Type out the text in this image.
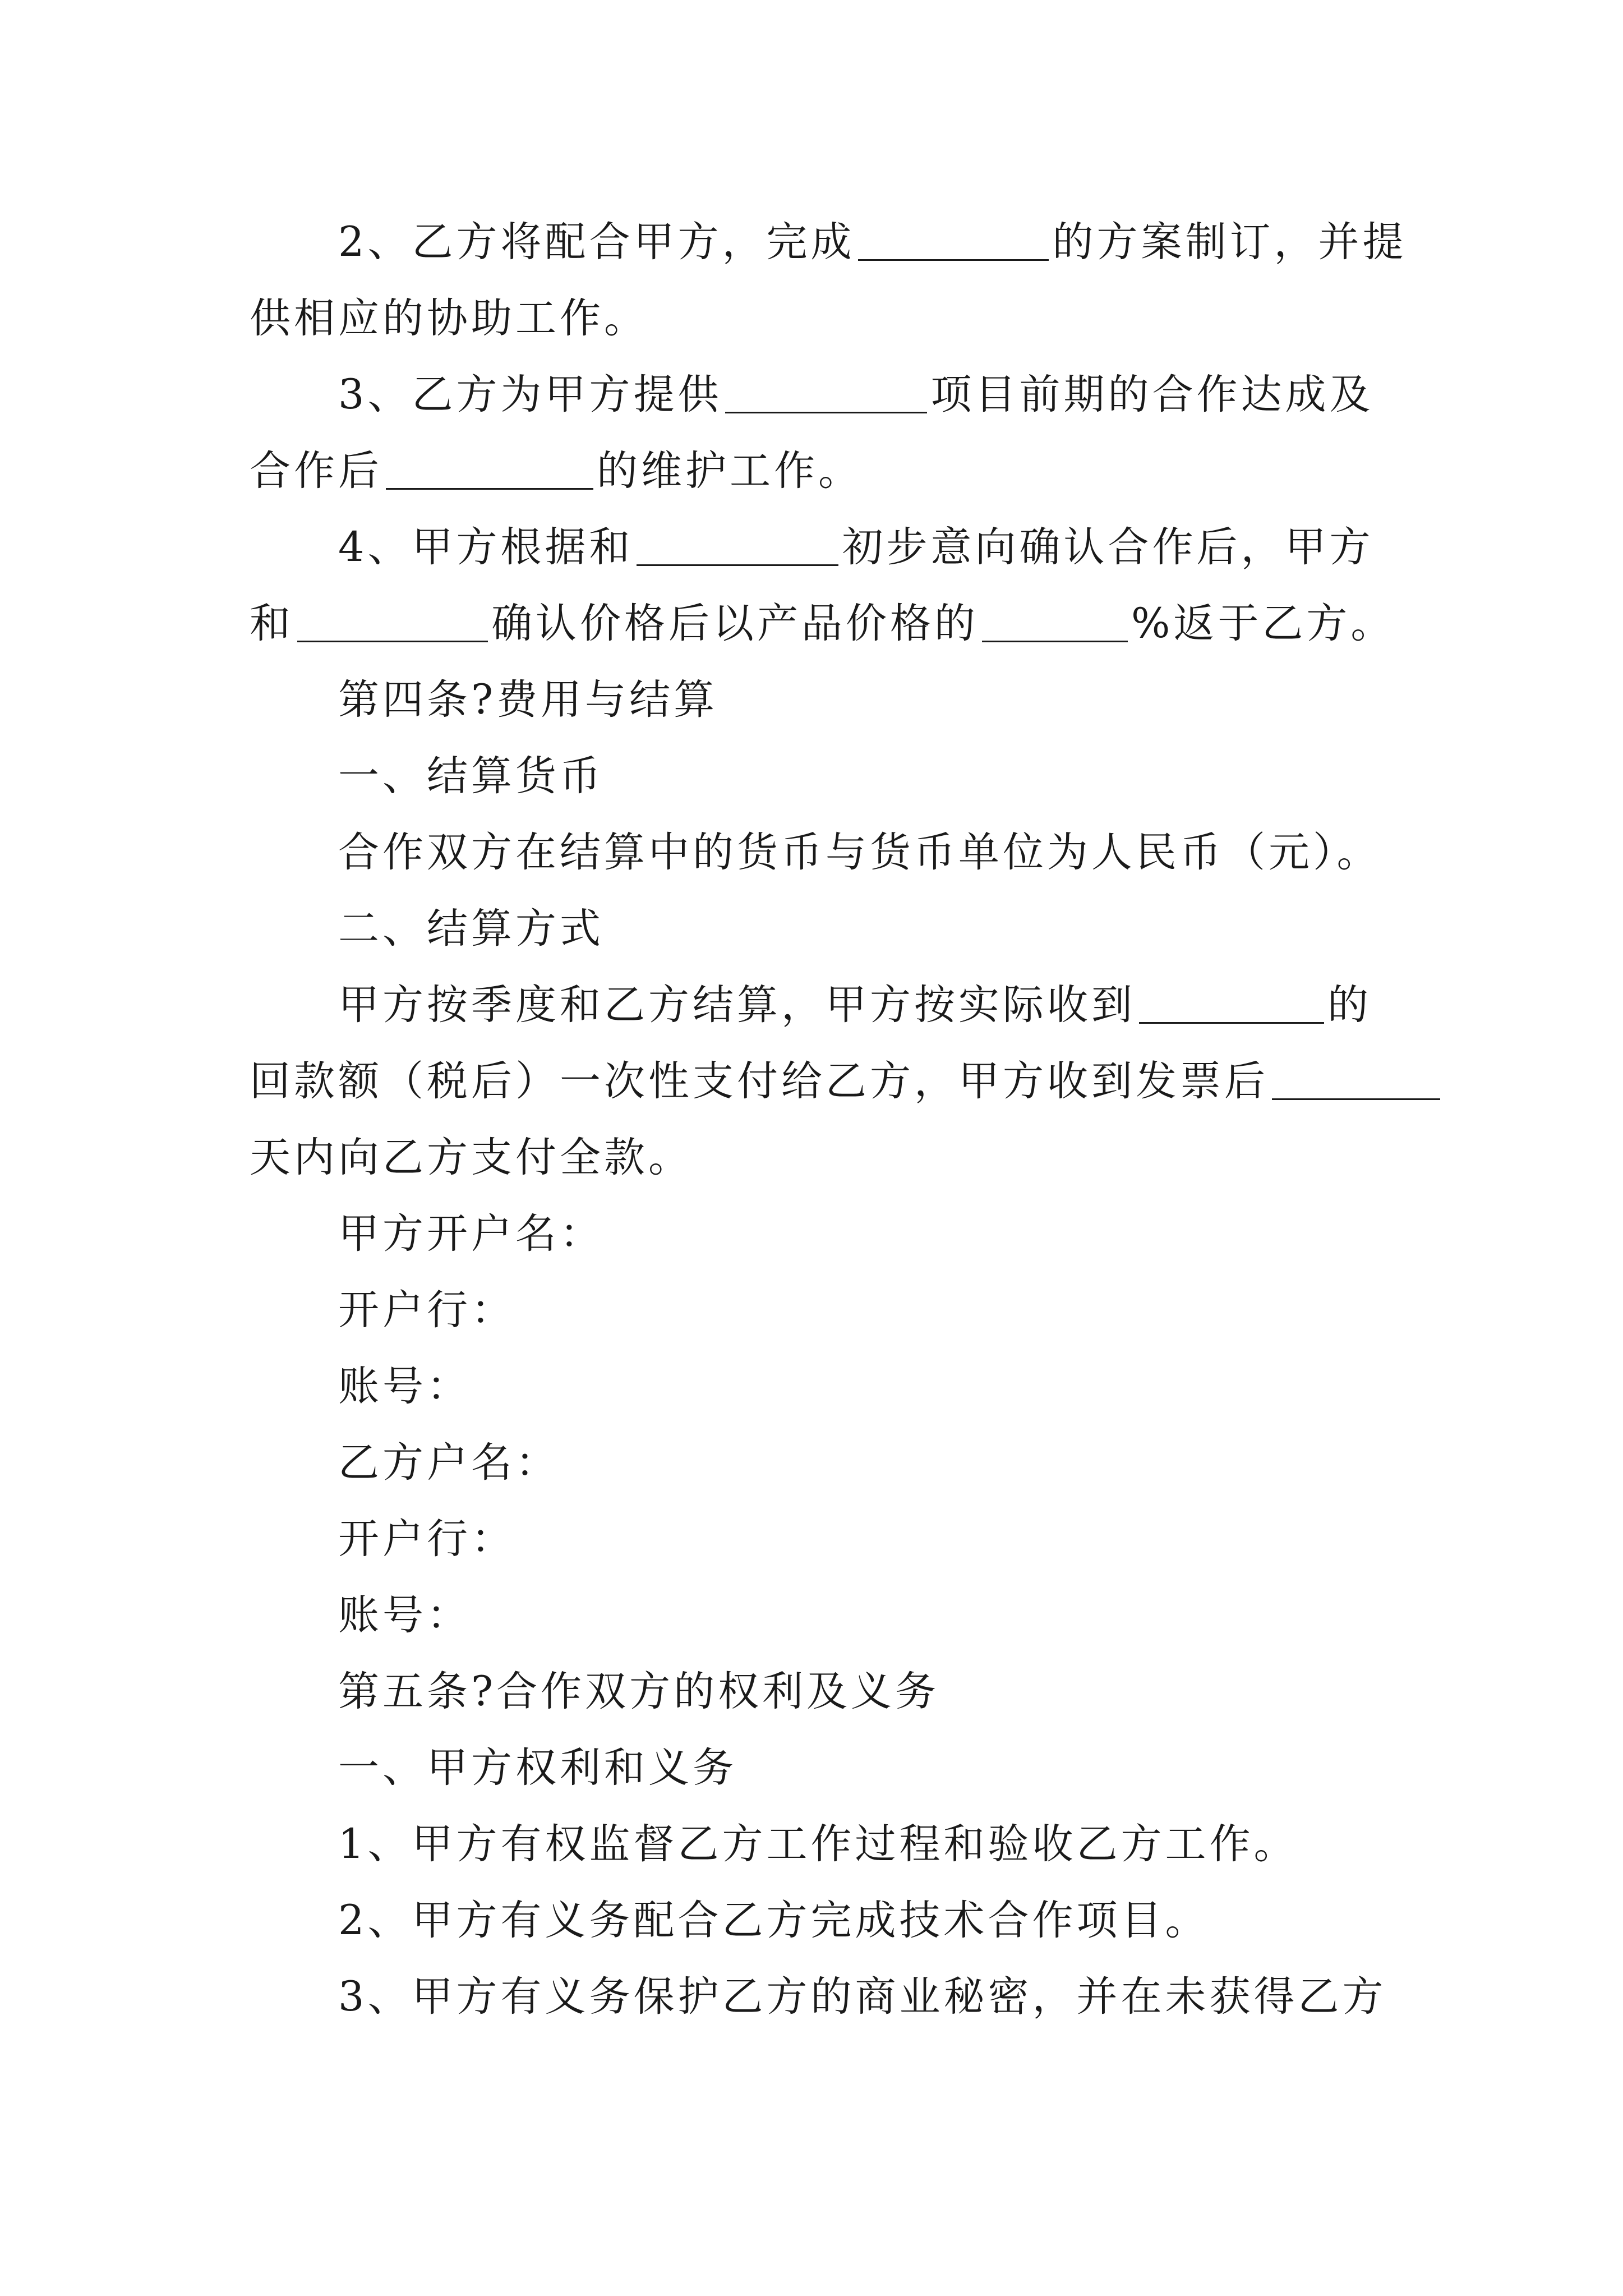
2、乙方将配合甲方，完成	的方案制订，并提
供相应的协助工作。
3、乙方为甲方提供	项目前期的合作达成及
合作后	的维护工作。
4、甲方根据和	初步意向确认合作后，甲方
和	确认价格后以产品价格的	%返于乙方。
第四条?费用与结算
一、结算货币
合作双方在结算中的货币与货币单位为人民币（元）。
二、结算方式
甲方按季度和乙方结算，甲方按实际收到	的
回款额（税后）一次性支付给乙方，甲方收到发票后
天内向乙方支付全款。
甲方开户名：
开户行：
账号：
乙方户名：
开户行：
账号：
第五条?合作双方的权利及义务
一、甲方权利和义务
1、甲方有权监督乙方工作过程和验收乙方工作。
2、甲方有义务配合乙方完成技术合作项目。
3、甲方有义务保护乙方的商业秘密，并在未获得乙方
